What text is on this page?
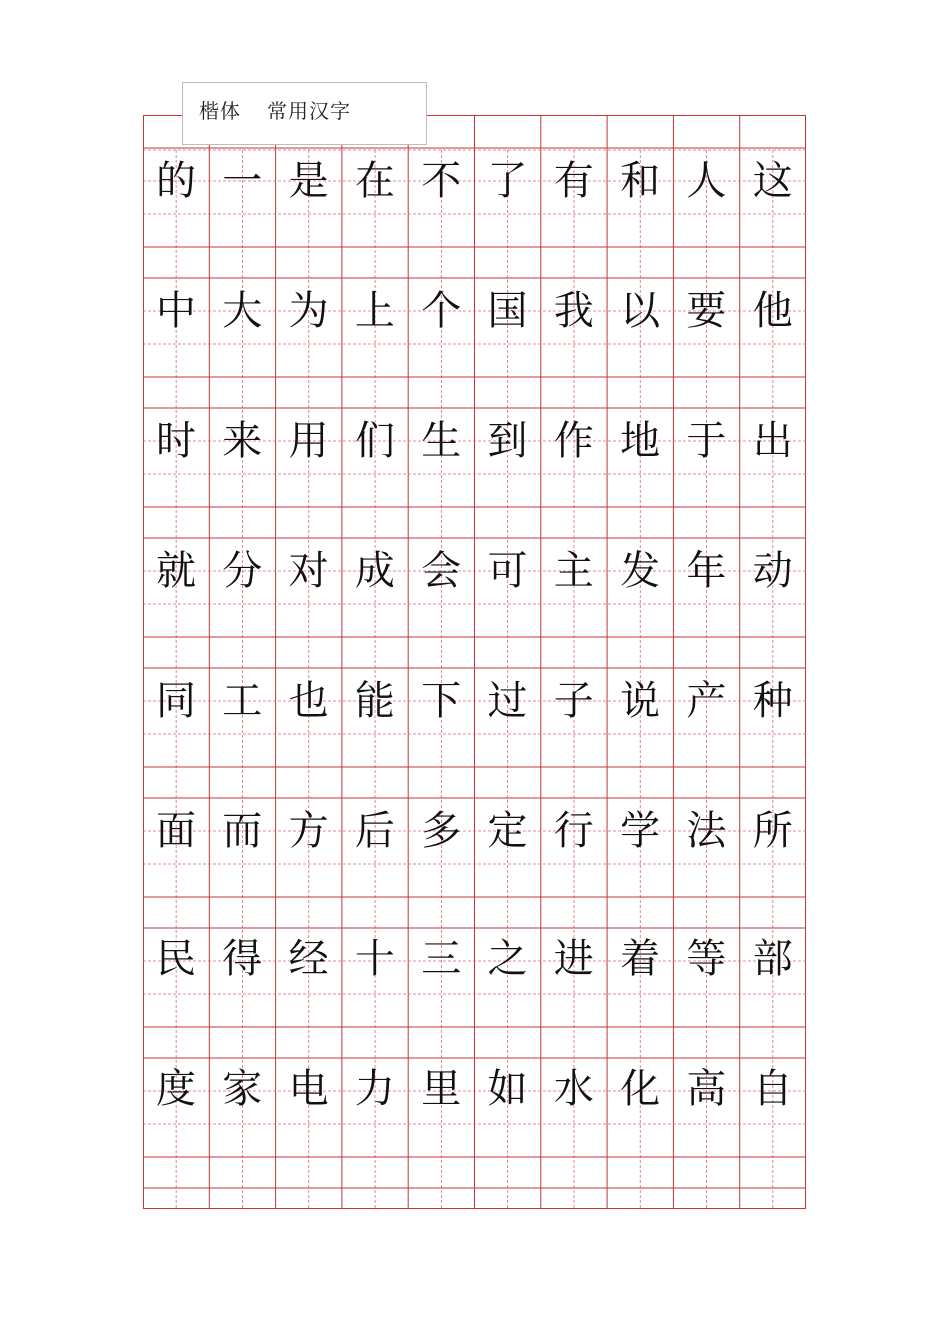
楷体 常用汉字
的 一 是 在 不 了 有 和 人 这
中 大 为 上 个 国 我 以 要 他
时 来 用 们 生 到 作 地 于 出
就 分 对 成 会 可 主 发 年 动
同 工 也 能 下 过 子 说 产 种
面 而 方 后 多 定 行 学 法 所
民 得 经 十 三 之 进 着 等 部
度 家 电 力 里 如 水 化 高 自
